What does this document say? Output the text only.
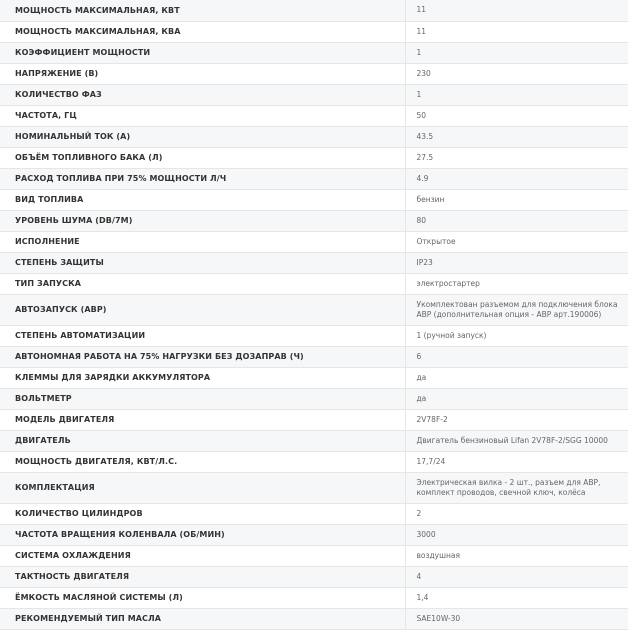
МОЩНОСТЬ МАКСИМАЛЬНАЯ, КВТ	11
МОЩНОСТЬ МАКСИМАЛЬНАЯ, КВА	11
КОЭФФИЦИЕНТ МОЩНОСТИ	1
НАПРЯЖЕНИЕ (В)	230
КОЛИЧЕСТВО ФАЗ	1
ЧАСТОТА, ГЦ	50
НОМИНАЛЬНЫЙ ТОК (А)	43.5
ОБЪЁМ ТОПЛИВНОГО БАКА (Л)	27.5
РАСХОД ТОПЛИВА ПРИ 75% МОЩНОСТИ Л/Ч	4.9
ВИД ТОПЛИВА	бензин
УРОВЕНЬ ШУМА (DB/7M)	80
ИСПОЛНЕНИЕ	Открытое
СТЕПЕНЬ ЗАЩИТЫ	IP23
ТИП ЗАПУСКА	электростартер
АВТОЗАПУСК (АВР)	Укомплектован разъемом для подключения блока АВР (дополнительная опция - АВР арт.190006)
СТЕПЕНЬ АВТОМАТИЗАЦИИ	1 (ручной запуск)
АВТОНОМНАЯ РАБОТА НА 75% НАГРУЗКИ БЕЗ ДОЗАПРАВ (Ч)	6
КЛЕММЫ ДЛЯ ЗАРЯДКИ АККУМУЛЯТОРА	да
ВОЛЬТМЕТР	да
МОДЕЛЬ ДВИГАТЕЛЯ	2V78F-2
ДВИГАТЕЛЬ	Двигатель бензиновый Lifan 2V78F-2/SGG 10000
МОЩНОСТЬ ДВИГАТЕЛЯ, КВТ/Л.С.	17,7/24
КОМПЛЕКТАЦИЯ	Электрическая вилка - 2 шт., разъем для АВР, комплект проводов, свечной ключ, колёса
КОЛИЧЕСТВО ЦИЛИНДРОВ	2
ЧАСТОТА ВРАЩЕНИЯ КОЛЕНВАЛА (ОБ/МИН)	3000
СИСТЕМА ОХЛАЖДЕНИЯ	воздушная
ТАКТНОСТЬ ДВИГАТЕЛЯ	4
ЁМКОСТЬ МАСЛЯНОЙ СИСТЕМЫ (Л)	1,4
РЕКОМЕНДУЕМЫЙ ТИП МАСЛА	SAE10W-30
